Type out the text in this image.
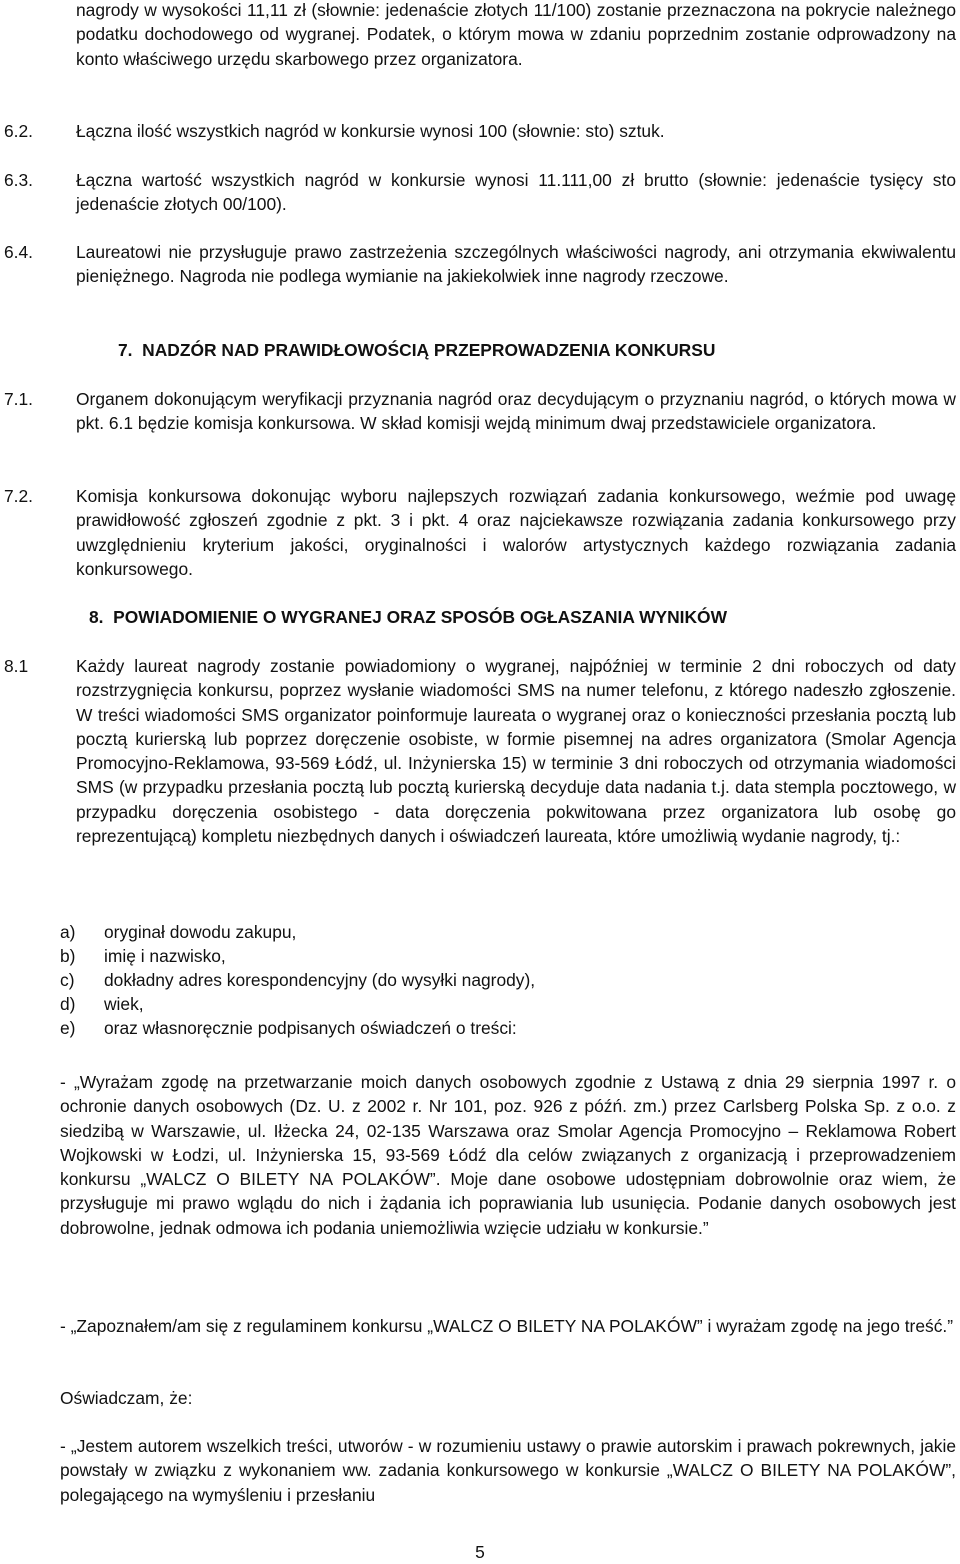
nagrody w wysokości 11,11 zł (słownie: jedenaście złotych 11/100) zostanie przeznaczona na pokrycie należnego podatku dochodowego od wygranej. Podatek, o którym mowa w zdaniu poprzednim zostanie odprowadzony na konto właściwego urzędu skarbowego przez organizatora.
6.2. Łączna ilość wszystkich nagród w konkursie wynosi 100 (słownie: sto) sztuk.
6.3. Łączna wartość wszystkich nagród w konkursie wynosi 11.111,00 zł brutto (słownie: jedenaście tysięcy sto jedenaście złotych 00/100).
6.4. Laureatowi nie przysługuje prawo zastrzeżenia szczególnych właściwości nagrody, ani otrzymania ekwiwalentu pieniężnego. Nagroda nie podlega wymianie na jakiekolwiek inne nagrody rzeczowe.
7.  NADZÓR NAD PRAWIDŁOWOŚCIĄ PRZEPROWADZENIA KONKURSU
7.1. Organem dokonującym weryfikacji przyznania nagród oraz decydującym o przyznaniu nagród, o których mowa w pkt. 6.1 będzie komisja konkursowa. W skład komisji wejdą minimum dwaj przedstawiciele organizatora.
7.2. Komisja konkursowa dokonując wyboru najlepszych rozwiązań zadania konkursowego, weźmie pod uwagę prawidłowość zgłoszeń zgodnie z pkt. 3 i pkt. 4 oraz najciekawsze rozwiązania zadania konkursowego przy uwzględnieniu kryterium jakości, oryginalności i walorów artystycznych każdego rozwiązania zadania konkursowego.
8.  POWIADOMIENIE O WYGRANEJ ORAZ SPOSÓB OGŁASZANIA WYNIKÓW
8.1	Każdy laureat nagrody zostanie powiadomiony o wygranej, najpóźniej w terminie 2 dni roboczych od daty rozstrzygnięcia konkursu, poprzez wysłanie wiadomości SMS na numer telefonu, z którego nadeszło zgłoszenie. W treści wiadomości SMS organizator poinformuje laureata o wygranej oraz o konieczności przesłania pocztą lub pocztą kurierską lub poprzez doręczenie osobiste, w formie pisemnej na adres organizatora (Smolar Agencja Promocyjno-Reklamowa, 93-569 Łódź, ul. Inżynierska 15) w terminie 3 dni roboczych od otrzymania wiadomości SMS (w przypadku przesłania pocztą lub pocztą kurierską decyduje data nadania t.j. data stempla pocztowego, w przypadku doręczenia osobistego - data doręczenia pokwitowana przez organizatora lub osobę go reprezentującą) kompletu niezbędnych danych i oświadczeń laureata, które umożliwią wydanie nagrody, tj.:
a) oryginał dowodu zakupu,
b) imię i nazwisko,
c) dokładny adres korespondencyjny (do wysyłki nagrody),
d) wiek,
e) oraz własnoręcznie podpisanych oświadczeń o treści:
- „Wyrażam zgodę na przetwarzanie moich danych osobowych zgodnie z Ustawą z dnia 29 sierpnia 1997 r. o ochronie danych osobowych (Dz. U. z 2002 r. Nr 101, poz. 926 z późń. zm.) przez Carlsberg Polska Sp. z o.o. z siedzibą w Warszawie, ul. Iłżecka 24, 02-135 Warszawa oraz Smolar Agencja Promocyjno – Reklamowa Robert Wojkowski w Łodzi, ul. Inżynierska 15, 93-569 Łódź dla celów związanych z organizacją i przeprowadzeniem konkursu „WALCZ O BILETY NA POLAKÓW”. Moje dane osobowe udostępniam dobrowolnie oraz wiem, że przysługuje mi prawo wglądu do nich i żądania ich poprawiania lub usunięcia. Podanie danych osobowych jest dobrowolne, jednak odmowa ich podania uniemożliwia wzięcie udziału w konkursie.”
- „Zapoznałem/am się z regulaminem konkursu „WALCZ O BILETY NA POLAKÓW” i wyrażam zgodę na jego treść.”
Oświadczam, że:
- „Jestem autorem wszelkich treści, utworów - w rozumieniu ustawy o prawie autorskim i prawach pokrewnych, jakie powstały w związku z wykonaniem ww. zadania konkursowego w konkursie „WALCZ O BILETY NA POLAKÓW”, polegającego na wymyśleniu i przesłaniu
5
